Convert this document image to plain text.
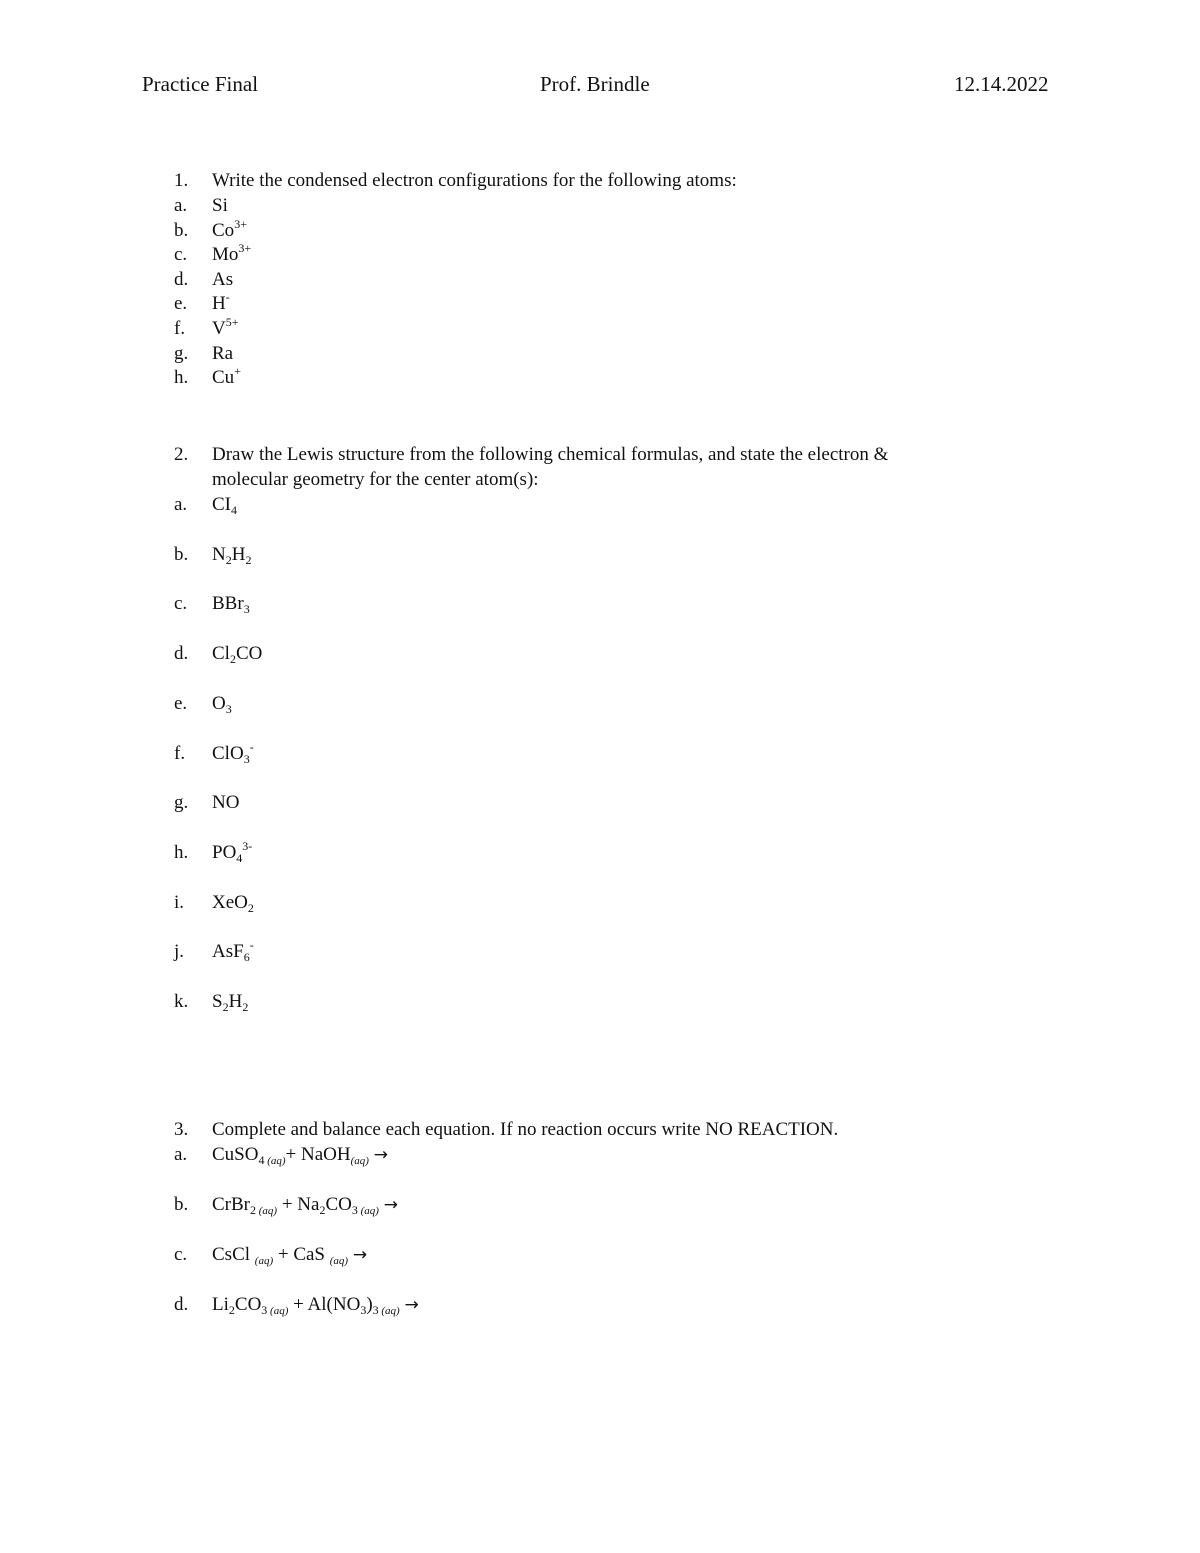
Practice Final	Prof. Brindle	12.14.2022
1. Write the condensed electron configurations for the following atoms:
a. Si
b. $Co^{3+}$
c. $Mo^{3+}$
d. As
e. H-
f. $V^{5+}$
g. Ra
h. Cu+
2. Draw the Lewis structure from the following chemical formulas, and state the electron &
molecular geometry for the center atom(s):
a. $CI_4$
b. $N_2H_2$
c. BBr$_3$
d. $Cl_2CO$
e. $O_3$
f. ClO$_3$-
g. NO
h. $PO_4^{3-}$
i. XeO$_2$
j. AsF$_6$-
k. $S_2H_2$
3. Complete and balance each equation. If no reaction occurs write NO REACTION.
a. CuSO$_4$ $_{(aq)}$+ NaOH$_{(aq)}$ →
b. CrBr$_2$ $_{(aq)} + Na_2CO_3$ $_{(aq)}$ →
c. CsCl $_{(aq)}$ + CaS $_{(aq)}$ →
d. $Li_2CO_3$ $_{(aq)} + Al(NO_3)_3$ $_{(aq)}$ →
